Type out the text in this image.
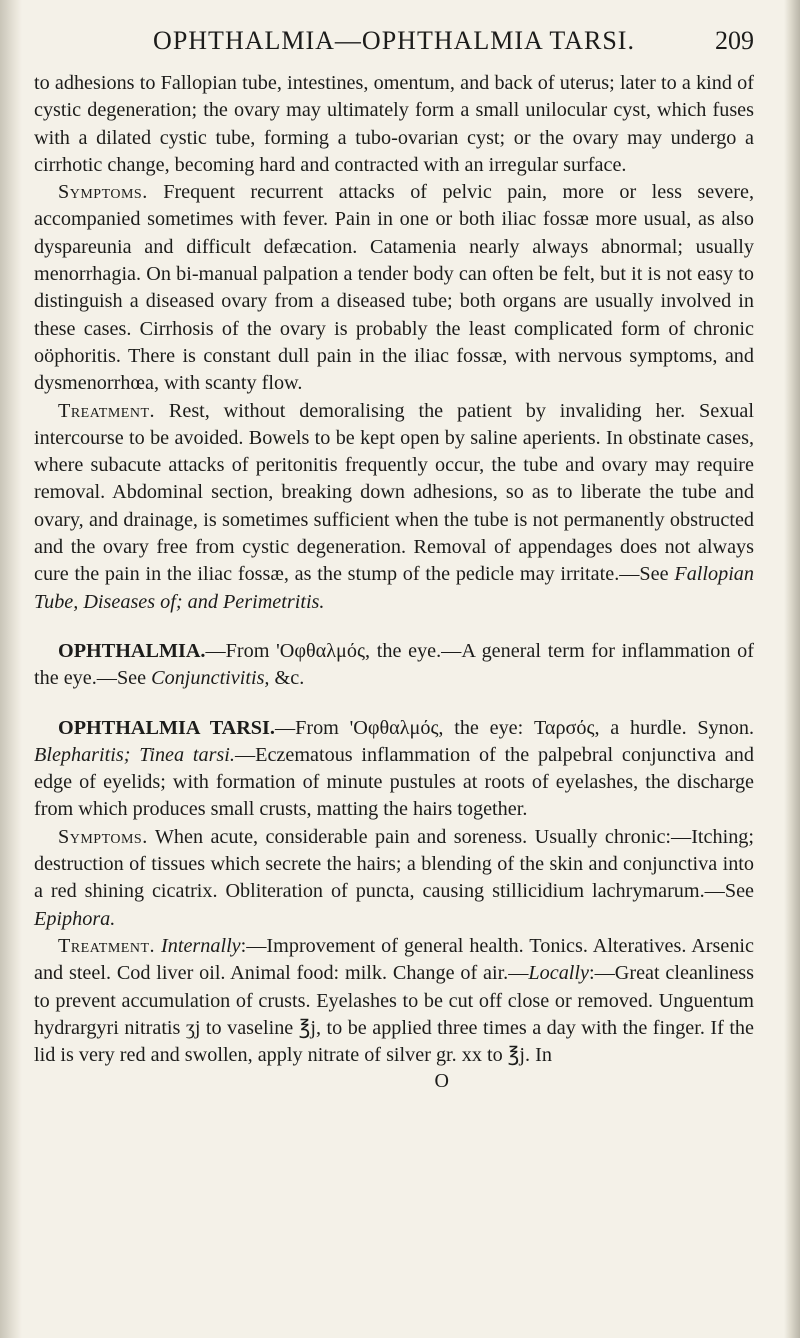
OPHTHALMIA—OPHTHALMIA TARSI.	209

to adhesions to Fallopian tube, intestines, omentum, and back of uterus; later to a kind of cystic degeneration; the ovary may ultimately form a small unilocular cyst, which fuses with a dilated cystic tube, forming a tubo-ovarian cyst; or the ovary may undergo a cirrhotic change, becoming hard and contracted with an irregular surface.

Symptoms. Frequent recurrent attacks of pelvic pain, more or less severe, accompanied sometimes with fever. Pain in one or both iliac fossæ more usual, as also dyspareunia and difficult defæcation. Catamenia nearly always abnormal; usually menorrhagia. On bi-manual palpation a tender body can often be felt, but it is not easy to distinguish a diseased ovary from a diseased tube; both organs are usually involved in these cases. Cirrhosis of the ovary is probably the least complicated form of chronic oöphoritis. There is constant dull pain in the iliac fossæ, with nervous symptoms, and dysmenorrhœa, with scanty flow.

Treatment. Rest, without demoralising the patient by invaliding her. Sexual intercourse to be avoided. Bowels to be kept open by saline aperients. In obstinate cases, where subacute attacks of peritonitis frequently occur, the tube and ovary may require removal. Abdominal section, breaking down adhesions, so as to liberate the tube and ovary, and drainage, is sometimes sufficient when the tube is not permanently obstructed and the ovary free from cystic degeneration. Removal of appendages does not always cure the pain in the iliac fossæ, as the stump of the pedicle may irritate.—See Fallopian Tube, Diseases of; and Perimetritis.

OPHTHALMIA.—From 'Οφθαλμός, the eye.—A general term for inflammation of the eye.—See Conjunctivitis, &c.

OPHTHALMIA TARSI.—From 'Οφθαλμός, the eye: Ταρσός, a hurdle. Synon. Blepharitis; Tinea tarsi.—Eczematous inflammation of the palpebral conjunctiva and edge of eyelids; with formation of minute pustules at roots of eyelashes, the discharge from which produces small crusts, matting the hairs together.

Symptoms. When acute, considerable pain and soreness. Usually chronic:—Itching; destruction of tissues which secrete the hairs; a blending of the skin and conjunctiva into a red shining cicatrix. Obliteration of puncta, causing stillicidium lachrymarum.—See Epiphora.

Treatment. Internally:—Improvement of general health. Tonics. Alteratives. Arsenic and steel. Cod liver oil. Animal food: milk. Change of air.—Locally:—Great cleanliness to prevent accumulation of crusts. Eyelashes to be cut off close or removed. Unguentum hydrargyri nitratis ʒj to vaseline ℥j, to be applied three times a day with the finger. If the lid is very red and swollen, apply nitrate of silver gr. xx to ℥j. In

O
